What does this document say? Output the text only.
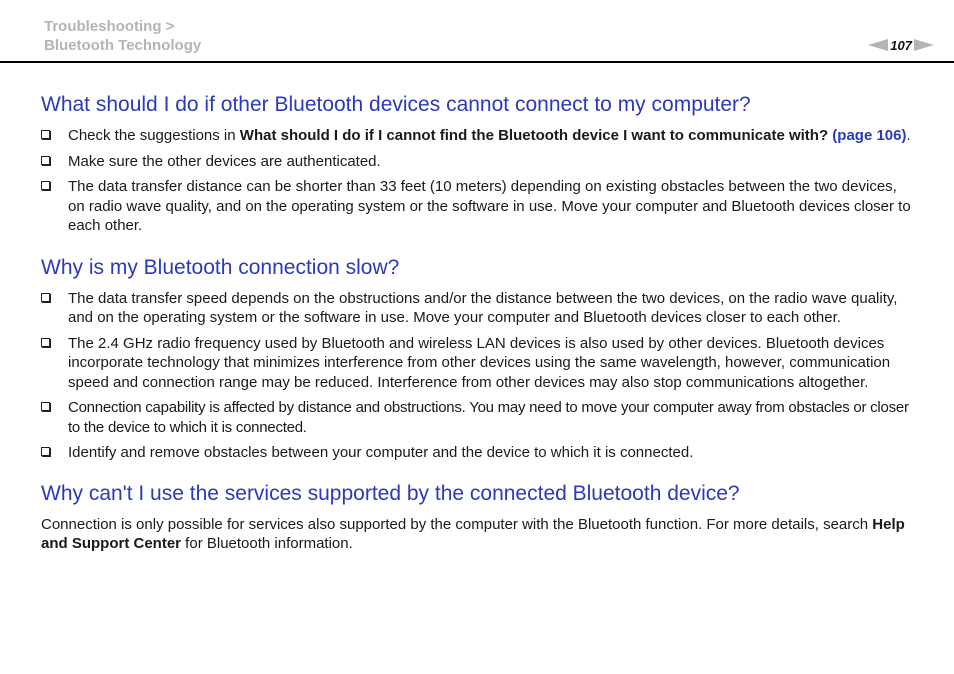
Troubleshooting >
Bluetooth Technology	107
What should I do if other Bluetooth devices cannot connect to my computer?
Check the suggestions in What should I do if I cannot find the Bluetooth device I want to communicate with? (page 106).
Make sure the other devices are authenticated.
The data transfer distance can be shorter than 33 feet (10 meters) depending on existing obstacles between the two devices, on radio wave quality, and on the operating system or the software in use. Move your computer and Bluetooth devices closer to each other.
Why is my Bluetooth connection slow?
The data transfer speed depends on the obstructions and/or the distance between the two devices, on the radio wave quality, and on the operating system or the software in use. Move your computer and Bluetooth devices closer to each other.
The 2.4 GHz radio frequency used by Bluetooth and wireless LAN devices is also used by other devices. Bluetooth devices incorporate technology that minimizes interference from other devices using the same wavelength, however, communication speed and connection range may be reduced. Interference from other devices may also stop communications altogether.
Connection capability is affected by distance and obstructions. You may need to move your computer away from obstacles or closer to the device to which it is connected.
Identify and remove obstacles between your computer and the device to which it is connected.
Why can't I use the services supported by the connected Bluetooth device?

Connection is only possible for services also supported by the computer with the Bluetooth function. For more details, search Help and Support Center for Bluetooth information.
